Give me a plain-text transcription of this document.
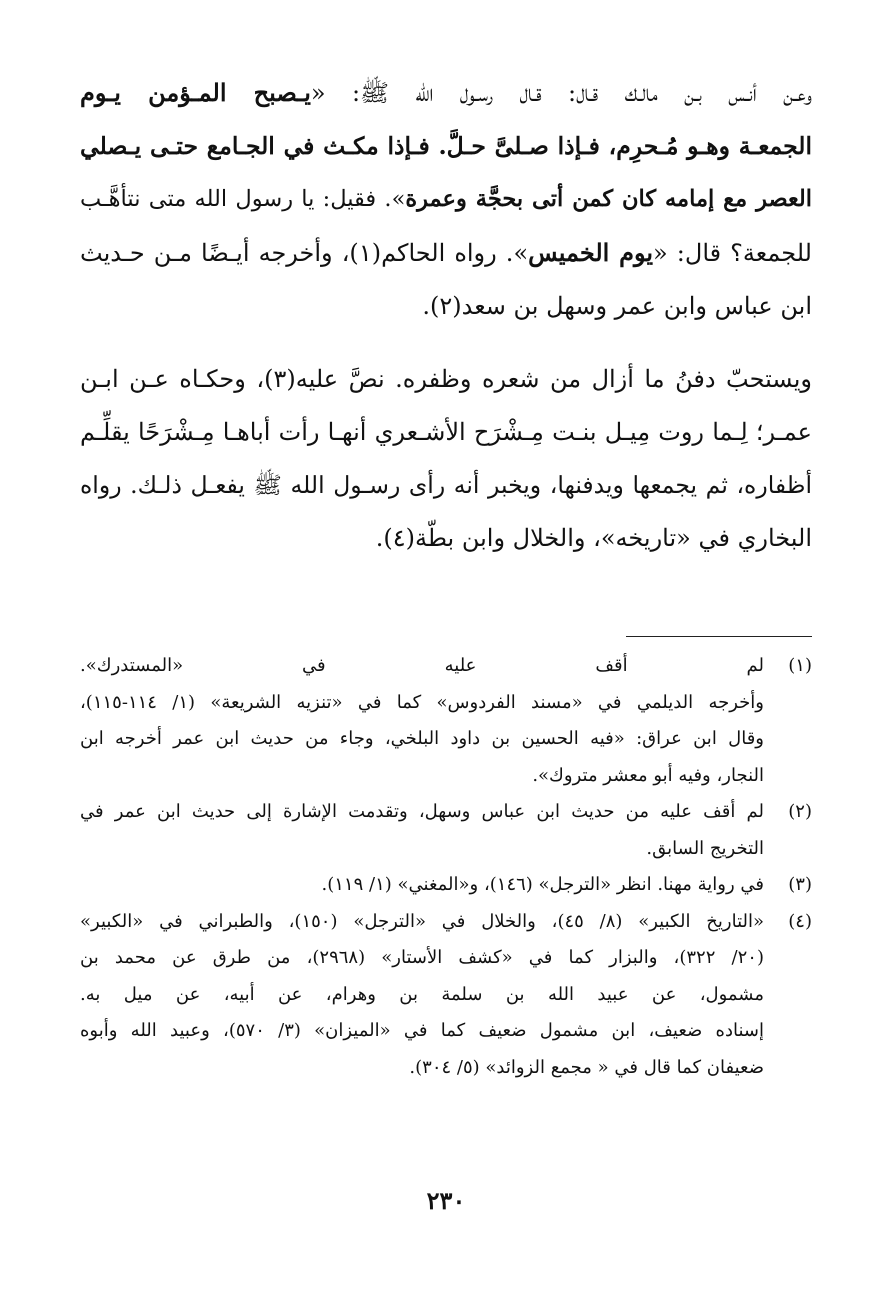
وعـن أنـس بـن مالـك قـال: قـال رسـول الله ﷺ: «يـصبح المـؤمن يـوم
الجمعـة وهـو مُـحرِم، فـإذا صـلىَّ حـلَّ. فـإذا مكـث في الجـامع حتـى يـصلي
العصر مع إمامه كان كمن أتى بحجَّة وعمرة». فقيل: يا رسول الله متى نتأهَّـب
للجمعة؟ قال: «يوم الخميس». رواه الحاكم(١)، وأخرجه أيـضًا مـن حـديث
ابن عباس وابن عمر وسهل بن سعد(٢).

ويستحبّ دفنُ ما أزال من شعره وظفره. نصَّ عليه(٣)، وحكـاه عـن ابـن
عمـر؛ لِـما روت مِيـل بنـت مِـشْرَح الأشـعري أنهـا رأت أباهـا مِـشْرَحًا يقلِّـم
أظفاره، ثم يجمعها ويدفنها، ويخبر أنه رأى رسـول الله ﷺ يفعـل ذلـك. رواه
البخاري في «تاريخه»، والخلال وابن بطّة(٤).

(١)
لم أقف عليه في «المستدرك».
وأخرجه الديلمي في «مسند الفردوس» كما في «تنزيه الشريعة» (١/ ١١٤-١١٥)،
وقال ابن عراق: «فيه الحسين بن داود البلخي، وجاء من حديث ابن عمر أخرجه ابن
النجار، وفيه أبو معشر متروك».
(٢)
لم أقف عليه من حديث ابن عباس وسهل، وتقدمت الإشارة إلى حديث ابن عمر في
التخريج السابق.
(٣)
في رواية مهنا. انظر «الترجل» (١٤٦)، و«المغني» (١/ ١١٩).
(٤)
«التاريخ الكبير» (٨/ ٤٥)، والخلال في «الترجل» (١٥٠)، والطبراني في «الكبير»
(٢٠/ ٣٢٢)، والبزار كما في «كشف الأستار» (٢٩٦٨)، من طرق عن محمد بن
مشمول، عن عبيد الله بن سلمة بن وهرام، عن أبيه، عن ميل به.
إسناده ضعيف، ابن مشمول ضعيف كما في «الميزان» (٣/ ٥٧٠)، وعبيد الله وأبوه
ضعيفان كما قال في « مجمع الزوائد» (٥/ ٣٠٤).
٢٣٠
